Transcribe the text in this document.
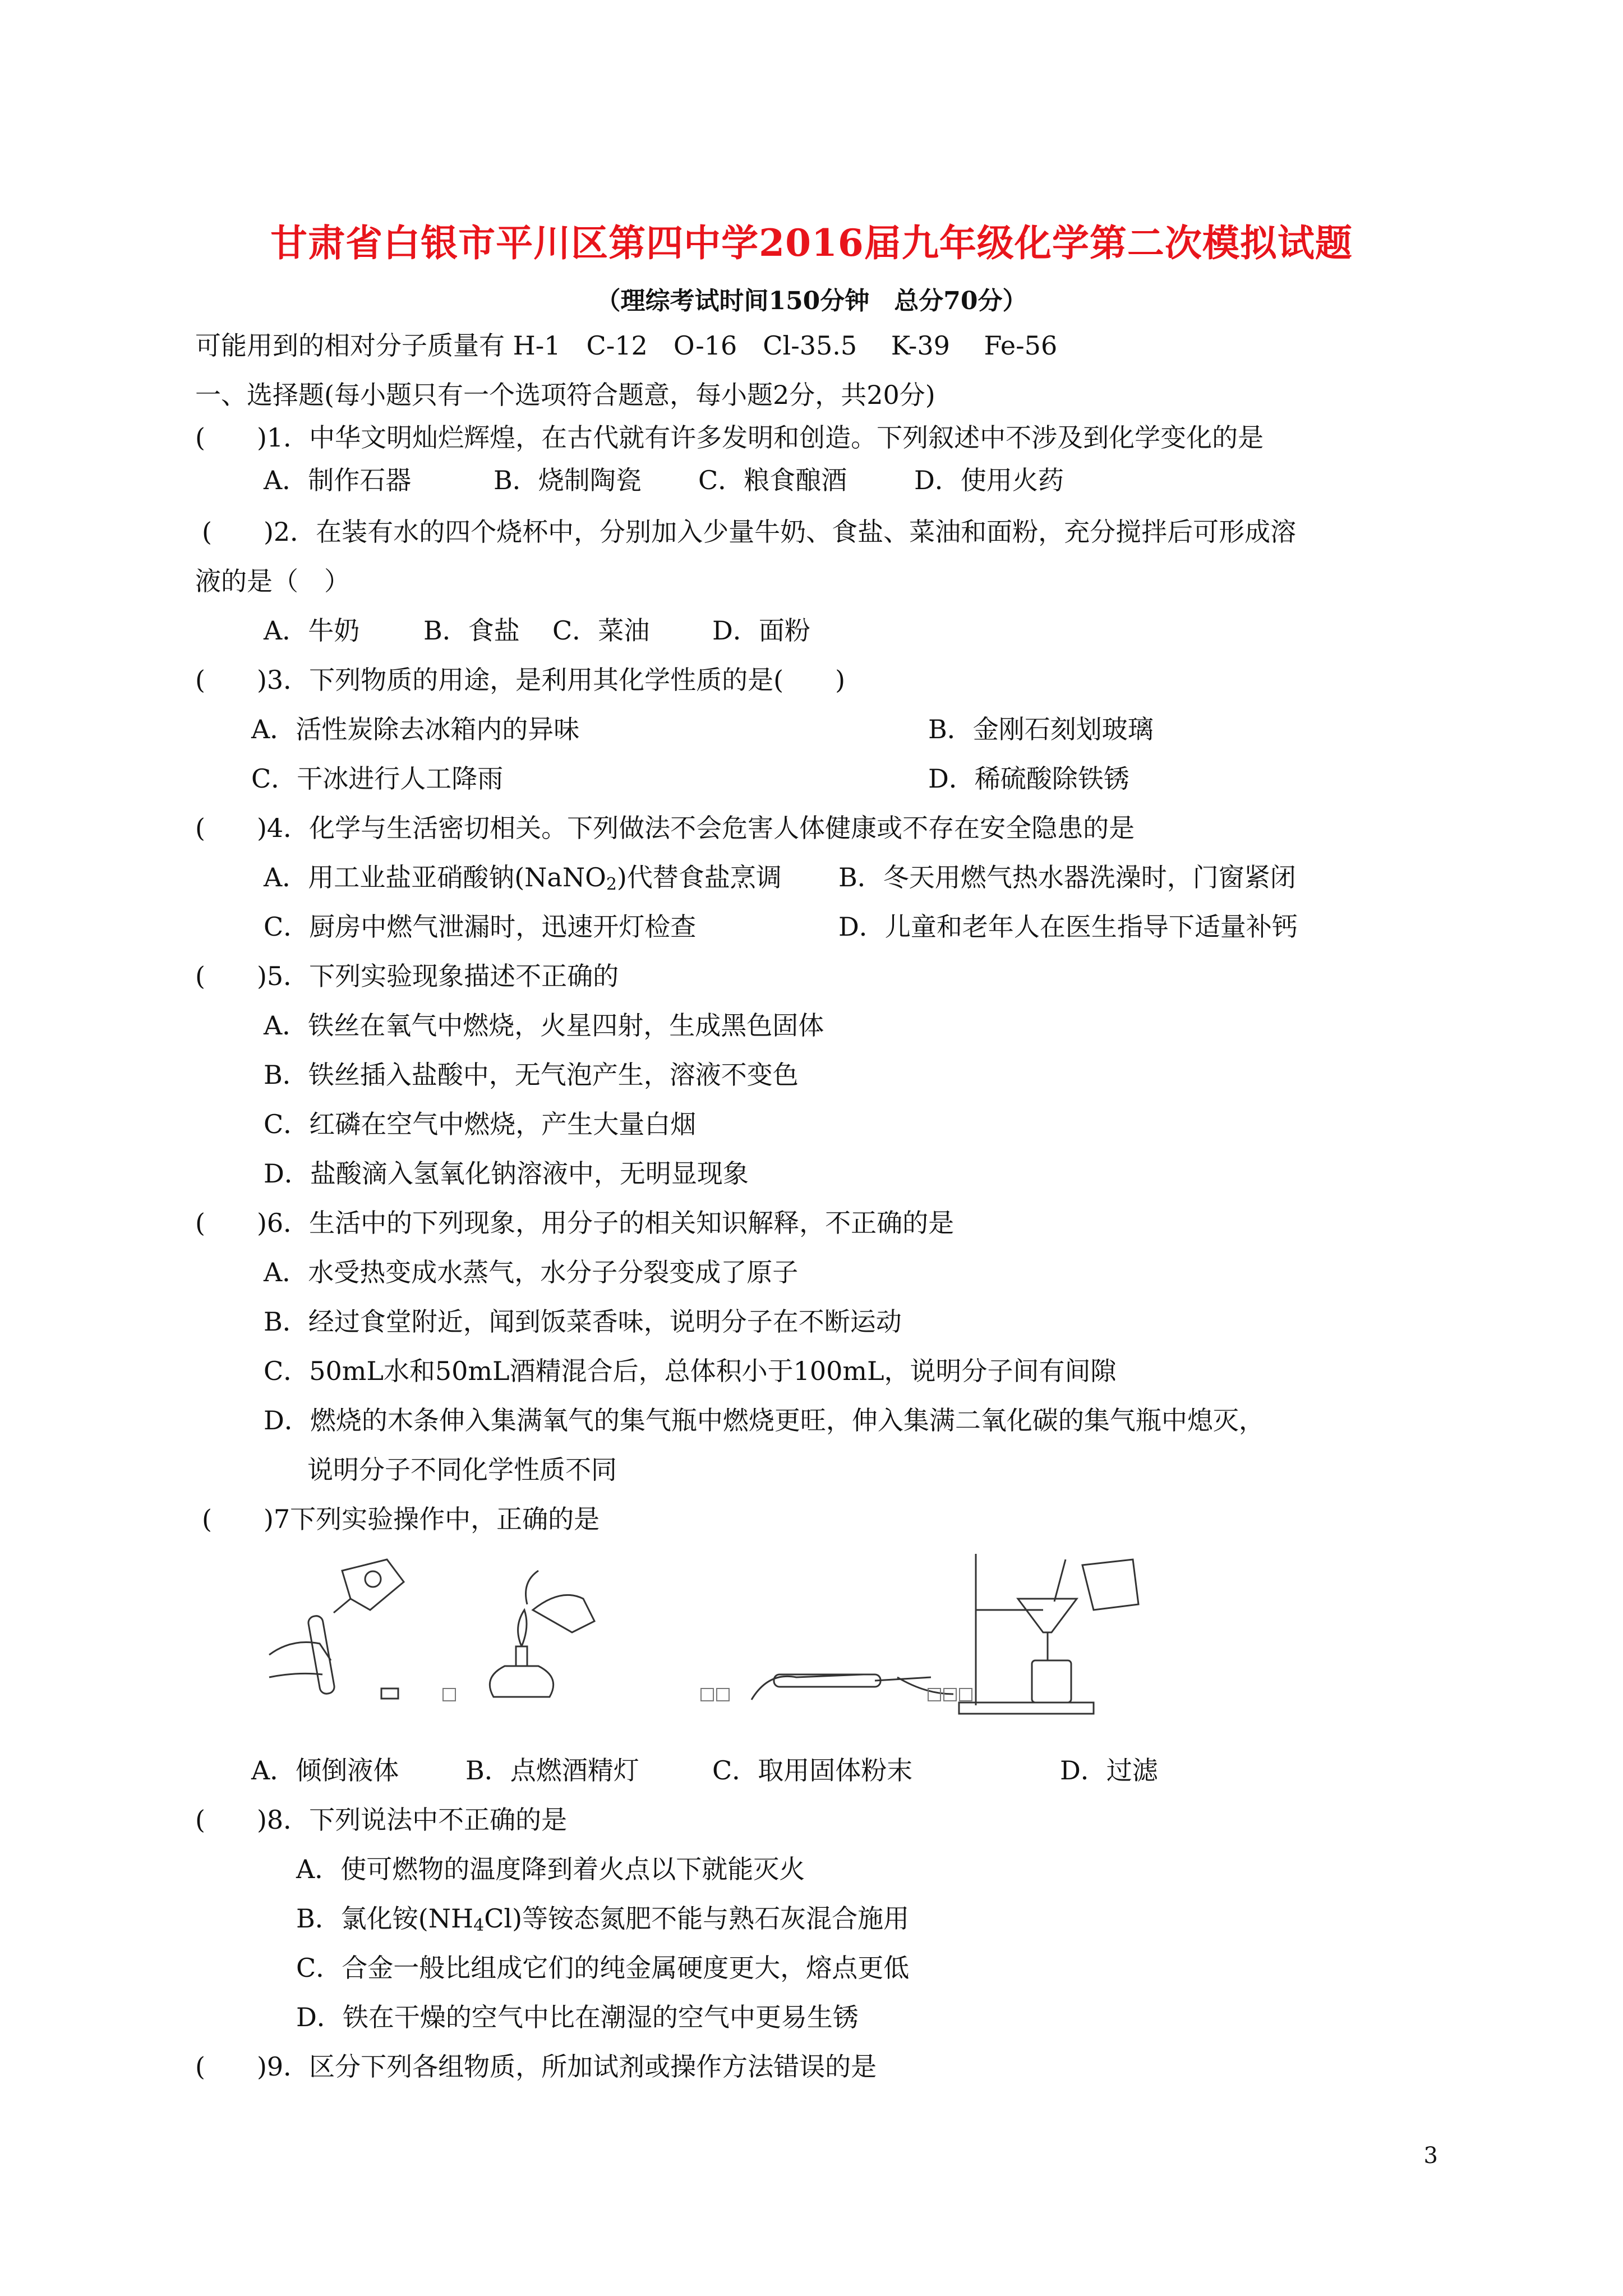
甘肃省白银市平川区第四中学2016届九年级化学第二次模拟试题
（理综考试时间150分钟　总分70分）
可能用到的相对分子质量有 H-1　C-12　O-16　Cl-35.5　 K-39　 Fe-56
一、选择题(每小题只有一个选项符合题意，每小题2分，共20分)
(　　)1．中华文明灿烂辉煌，在古代就有许多发明和创造。下列叙述中不涉及到化学变化的是
A．制作石器	B．烧制陶瓷 C．粮食酿酒	D．使用火药
(　　)2．在装有水的四个烧杯中，分别加入少量牛奶、食盐、菜油和面粉，充分搅拌后可形成溶
液的是（　）
A．牛奶 B．食盐 C．菜油 D．面粉
(　　)3．下列物质的用途，是利用其化学性质的是(　　)
A．活性炭除去冰箱内的异味	B．金刚石刻划玻璃
C．干冰进行人工降雨	D．稀硫酸除铁锈
(　　)4．化学与生活密切相关。下列做法不会危害人体健康或不存在安全隐患的是
A．用工业盐亚硝酸钠(NaNO$_2$)代替食盐烹调 B．冬天用燃气热水器洗澡时，门窗紧闭
C．厨房中燃气泄漏时，迅速开灯检查	D．儿童和老年人在医生指导下适量补钙
(　　)5．下列实验现象描述不正确的
A．铁丝在氧气中燃烧，火星四射，生成黑色固体
B．铁丝插入盐酸中，无气泡产生，溶液不变色
C．红磷在空气中燃烧，产生大量白烟
D．盐酸滴入氢氧化钠溶液中，无明显现象
(　　)6．生活中的下列现象，用分子的相关知识解释，不正确的是
A．水受热变成水蒸气，水分子分裂变成了原子
B．经过食堂附近，闻到饭菜香味，说明分子在不断运动
C．50mL水和50mL酒精混合后，总体积小于100mL，说明分子间有间隙
D．燃烧的木条伸入集满氧气的集气瓶中燃烧更旺，伸入集满二氧化碳的集气瓶中熄灭，
说明分子不同化学性质不同
(　　)7下列实验操作中，正确的是
A．倾倒液体	B．点燃酒精灯	C．取用固体粉末	D．过滤
(　　)8．下列说法中不正确的是
A．使可燃物的温度降到着火点以下就能灭火
B．氯化铵$(NH_4Cl)$等铵态氮肥不能与熟石灰混合施用
C．合金一般比组成它们的纯金属硬度更大，熔点更低
D．铁在干燥的空气中比在潮湿的空气中更易生锈
(　　)9．区分下列各组物质，所加试剂或操作方法错误的是
3
